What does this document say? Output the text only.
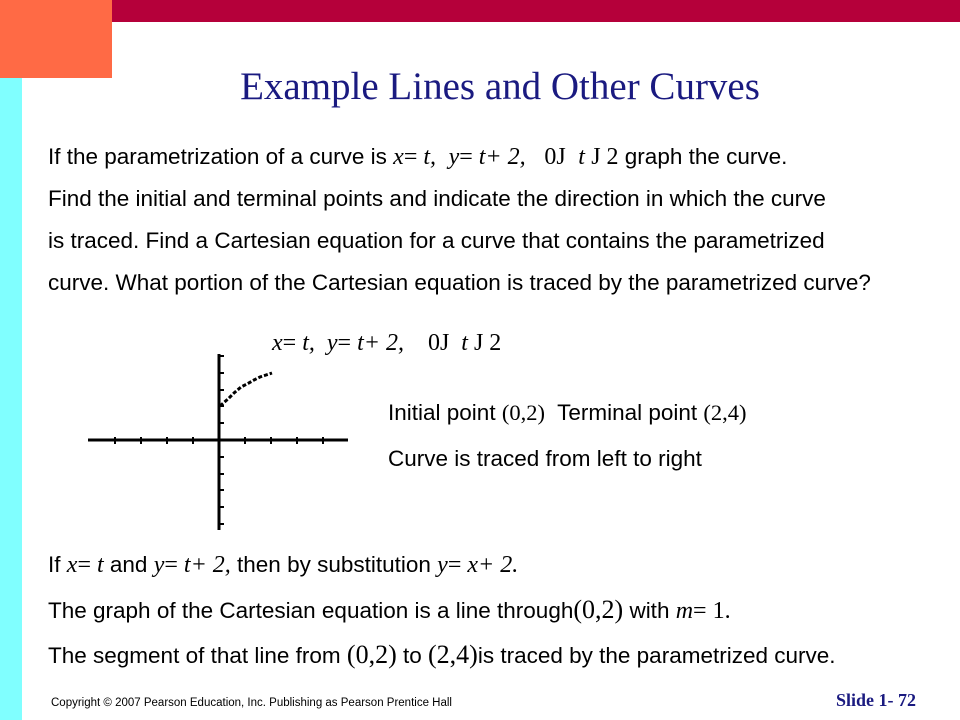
Example Lines and Other Curves
If the parametrization of a curve is x= t, y= t+ 2, 0J t J 2 graph the curve.
Find the initial and terminal points and indicate the direction in which the curve
is traced. Find a Cartesian equation for a curve that contains the parametrized
curve. What portion of the Cartesian equation is traced by the parametrized curve?
x= t, y= t+ 2, 0J t J 2
Initial point (0,2) Terminal point (2,4)
Curve is traced from left to right
If x= t and y= t+ 2, then by substitution y= x+ 2.
The graph of the Cartesian equation is a line through(0,2) with m= 1.
The segment of that line from (0,2) to (2,4)is traced by the parametrized curve.
Copyright © 2007 Pearson Education, Inc. Publishing as Pearson Prentice Hall	Slide 1- 72
